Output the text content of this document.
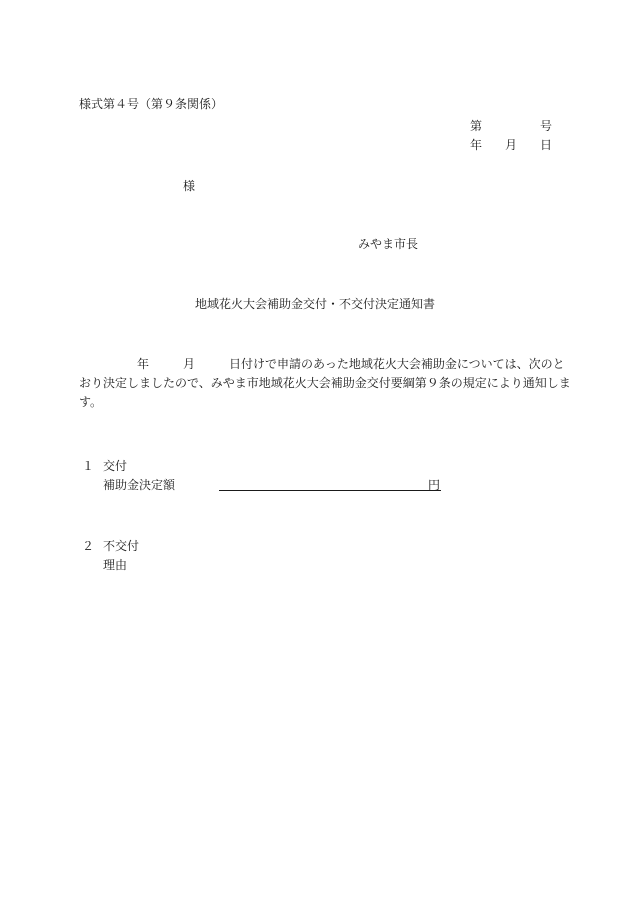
様式第４号（第９条関係）
第	号
年 月 日
様
みやま市長
地域花火大会補助金交付・不交付決定通知書
年	月	日付けで申請のあった地域花火大会補助金については、次のと
おり決定しましたので、みやま市地域花火大会補助金交付要綱第９条の規定により通知しま
す。
１ 交付
補助金決定額	円
２ 不交付
理由
